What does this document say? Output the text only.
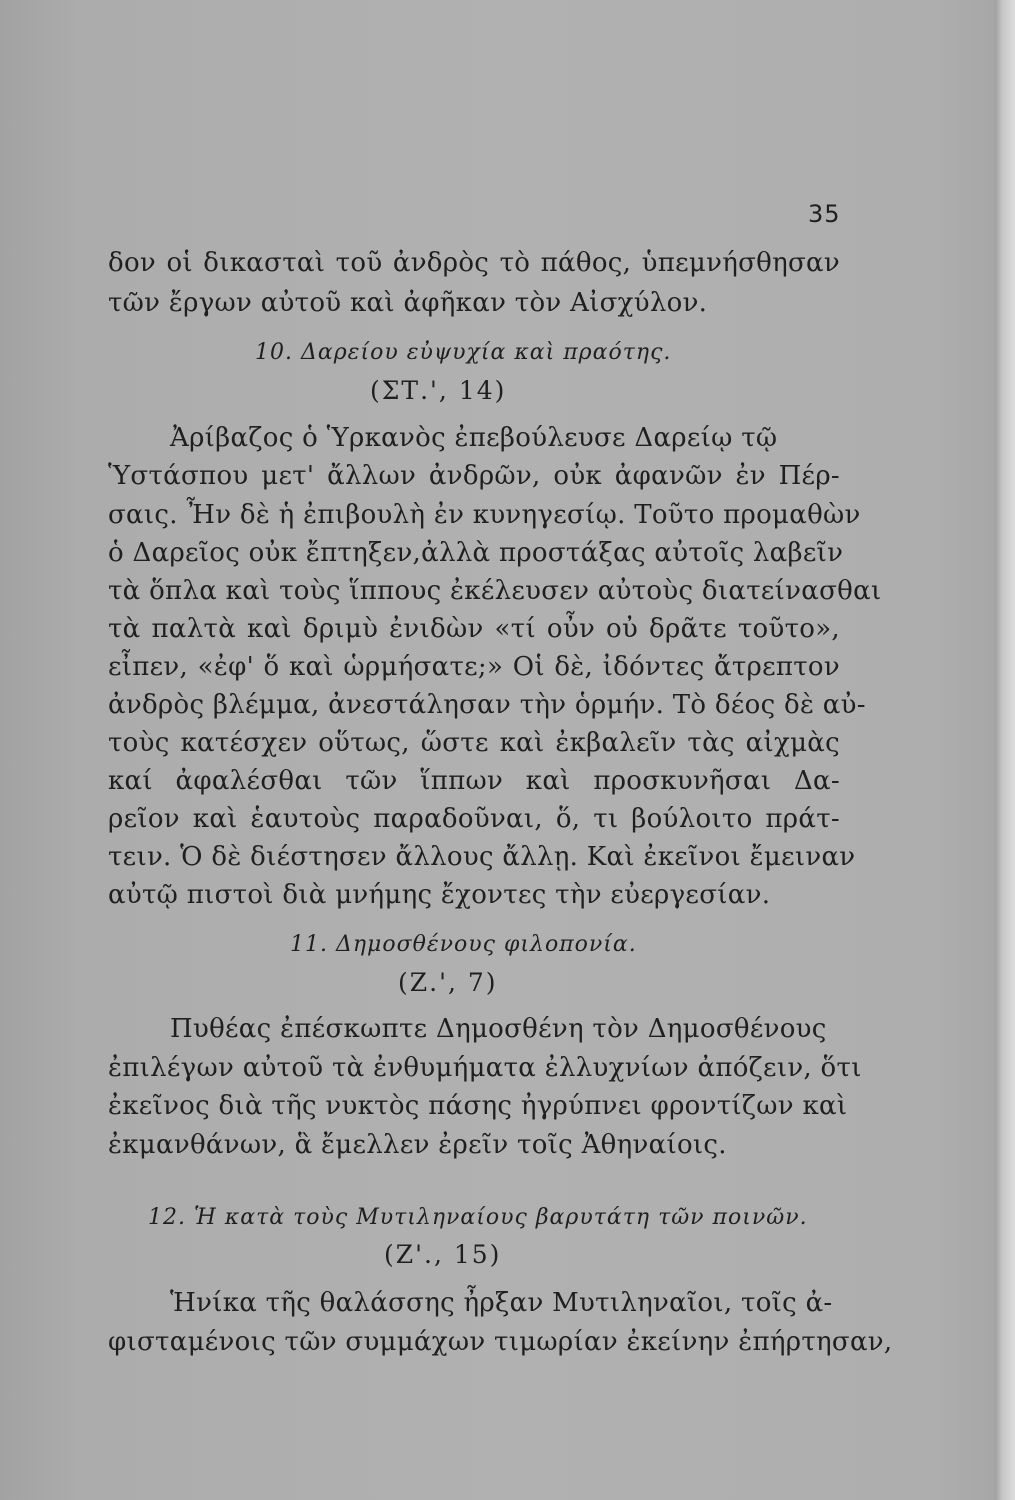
35
δον οἱ δικασταὶ τοῦ ἀνδρὸς τὸ πάθος, ὑπεμνήσθησαν
τῶν ἔργων αὐτοῦ καὶ ἀφῆκαν τὸν Αἰσχύλον.
10. Δαρείου εὐψυχία καὶ πραότης.
(ΣΤ.', 14)
Ἀρίβαζος ὁ Ὑρκανὸς ἐπεβούλευσε Δαρείῳ τῷ
Ὑστάσπου μετ' ἄλλων ἀνδρῶν, οὐκ ἀφανῶν ἐν Πέρ-
σαις. Ἦν δὲ ἡ ἐπιβουλὴ ἐν κυνηγεσίῳ. Τοῦτο προμαθὼν
ὁ Δαρεῖος οὐκ ἔπτηξεν,ἀλλὰ προστάξας αὐτοῖς λαβεῖν
τὰ ὅπλα καὶ τοὺς ἵππους ἐκέλευσεν αὐτοὺς διατείνασθαι
τὰ παλτὰ καὶ δριμὺ ἐνιδὼν «τί οὖν οὐ δρᾶτε τοῦτο»,
εἶπεν, «ἐφ' ὅ καὶ ὡρμήσατε;» Οἱ δὲ, ἰδόντες ἄτρεπτον
ἀνδρὸς βλέμμα, ἀνεστάλησαν τὴν ὁρμήν. Τὸ δέος δὲ αὐ-
τοὺς κατέσχεν οὕτως, ὥστε καὶ ἐκβαλεῖν τὰς αἰχμὰς
καί ἀφαλέσθαι τῶν ἵππων καὶ προσκυνῆσαι Δα-
ρεῖον καὶ ἑαυτοὺς παραδοῦναι, ὅ, τι βούλοιτο πράτ-
τειν. Ὁ δὲ διέστησεν ἄλλους ἄλλῃ. Καὶ ἐκεῖνοι ἔμειναν
αὐτῷ πιστοὶ διὰ μνήμης ἔχοντες τὴν εὐεργεσίαν.
11. Δημοσθένους φιλοπονία.
(Ζ.', 7)
Πυθέας ἐπέσκωπτε Δημοσθένη τὸν Δημοσθένους
ἐπιλέγων αὐτοῦ τὰ ἐνθυμήματα ἐλλυχνίων ἀπόζειν, ὅτι
ἐκεῖνος διὰ τῆς νυκτὸς πάσης ἠγρύπνει φροντίζων καὶ
ἐκμανθάνων, ἃ ἔμελλεν ἐρεῖν τοῖς Ἀθηναίοις.
12. Ἡ κατὰ τοὺς Μυτιληναίους βαρυτάτη τῶν ποινῶν.
(Ζ'., 15)
Ἡνίκα τῆς θαλάσσης ἦρξαν Μυτιληναῖοι, τοῖς ἀ-
φισταμένοις τῶν συμμάχων τιμωρίαν ἐκείνην ἐπήρτησαν,
